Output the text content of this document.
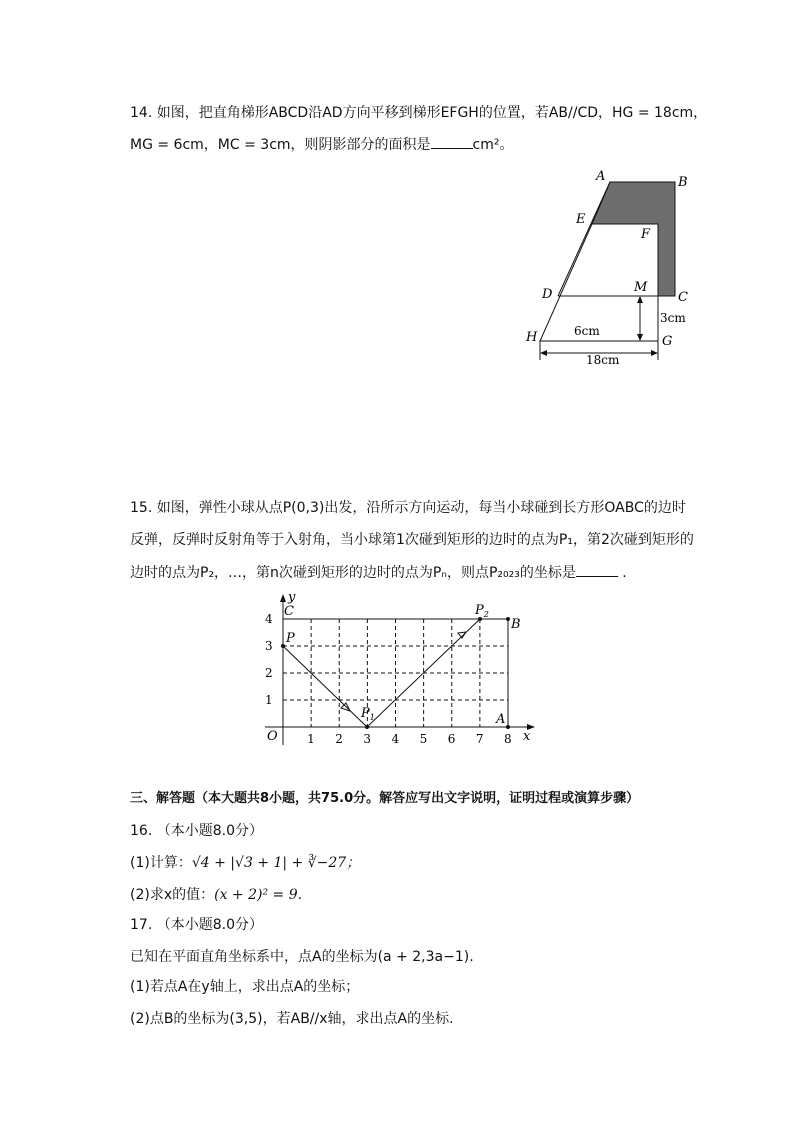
14. 如图，把直角梯形ABCD沿AD方向平移到梯形EFGH的位置，若AB//CD，HG = 18cm，
MG = 6cm，MC = 3cm，则阴影部分的面积是	cm²。
A	B
E
F
D	M
C
H	G
6cm
3cm
18cm
15. 如图，弹性小球从点P(0,3)出发，沿所示方向运动，每当小球碰到长方形OABC的边时
反弹，反弹时反射角等于入射角，当小球第1次碰到矩形的边时的点为P₁，第2次碰到矩形的
边时的点为P₂，…，第n次碰到矩形的边时的点为Pₙ，则点P₂₀₂₃的坐标是	.
1 2 3 4 5 6 7 8
1
2
3
4
y
x
O
C
B
A
P
$P_1$
$P_2$
三、解答题（本大题共8小题，共75.0分。解答应写出文字说明，证明过程或演算步骤）
16. （本小题8.0分）
(1)计算：√4 + |√3 + 1| + ∛−27；
(2)求x的值：(x + 2)² = 9.
17. （本小题8.0分）
已知在平面直角坐标系中，点A的坐标为(a + 2,3a−1).
(1)若点A在y轴上，求出点A的坐标；
(2)点B的坐标为(3,5)，若AB//x轴，求出点A的坐标.
